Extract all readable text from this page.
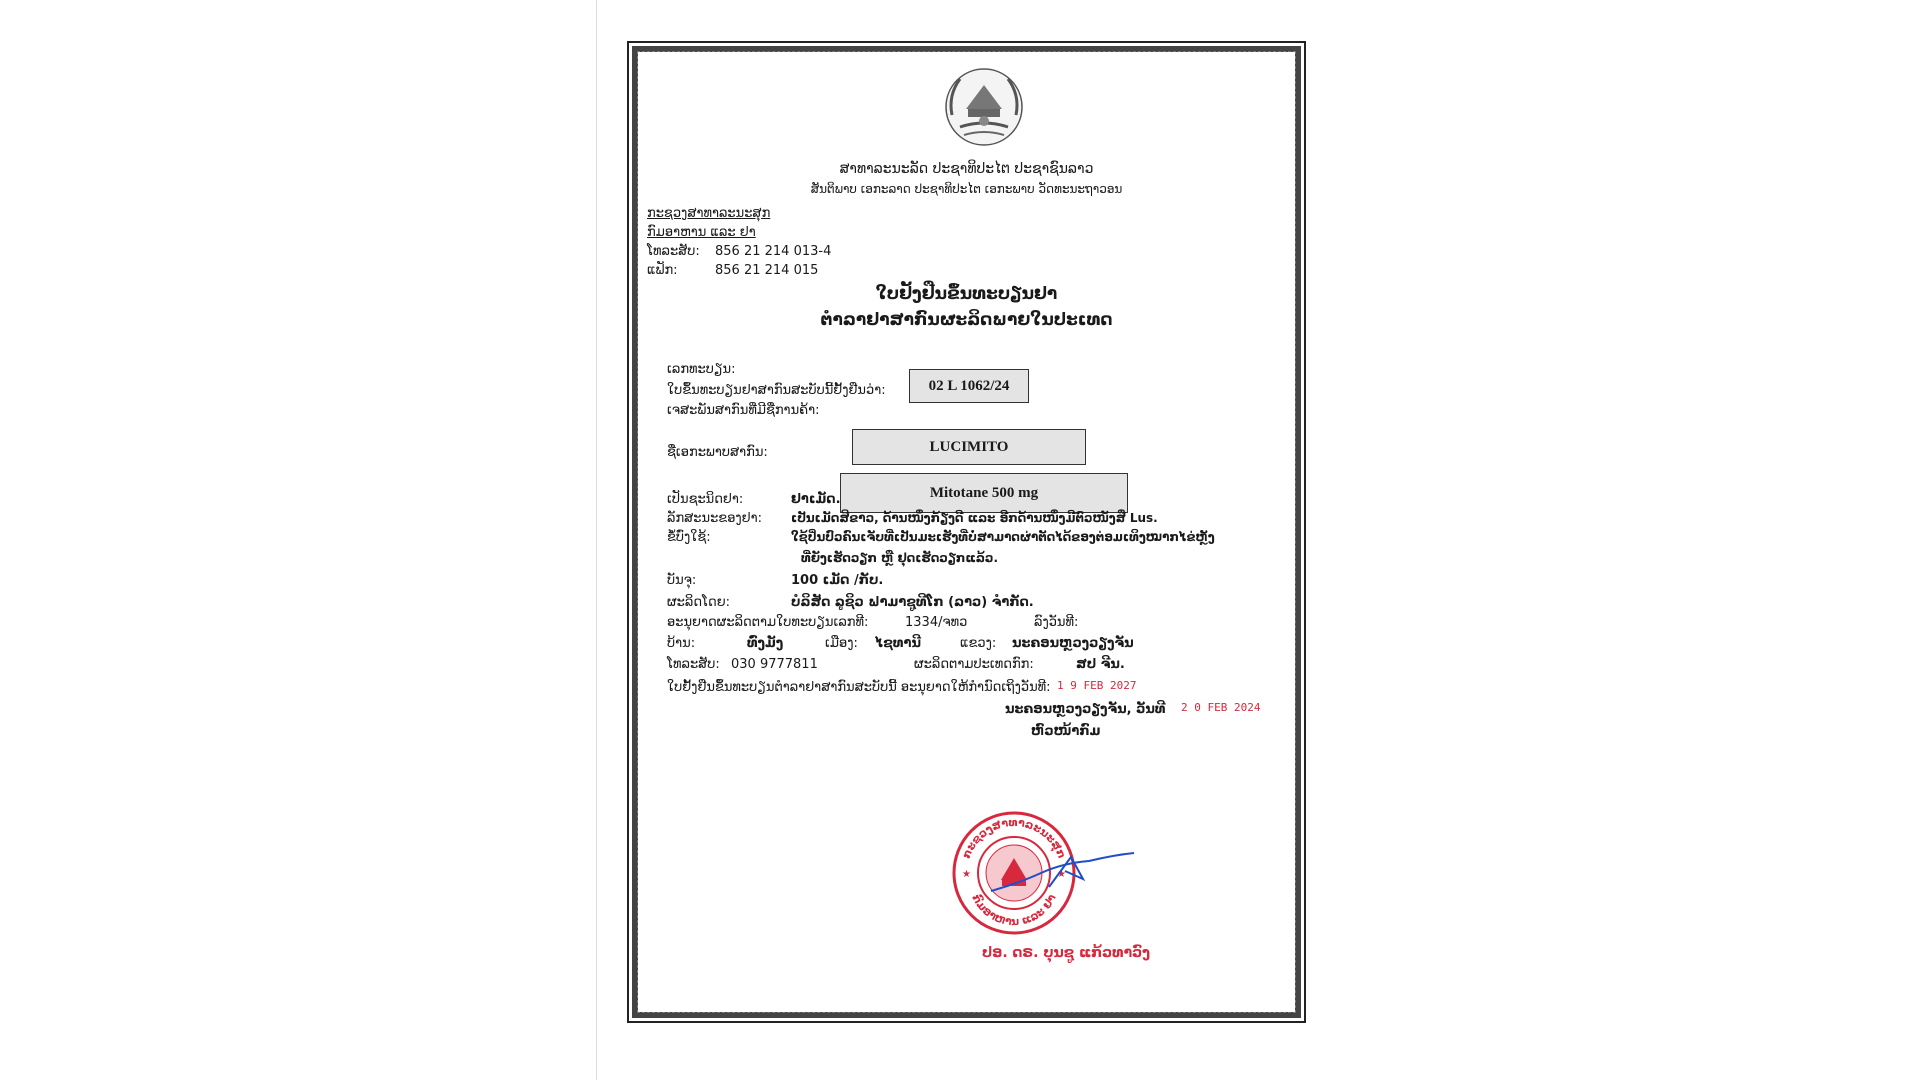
ສາທາລະນະລັດ ປະຊາທິປະໄຕ ປະຊາຊົນລາວ
ສັນຕິພາບ ເອກະລາດ ປະຊາທິປະໄຕ ເອກະພາບ ວັດທະນະຖາວອນ
ກະຊວງສາທາລະນະສຸກ
ກົມອາຫານ ແລະ ຢາ
ໂທລະສັບ: 856 21 214 013-4
ແຟັກ:	856 21 214 015
ໃບຢັ້ງຢືນຂຶ້ນທະບຽນຢາ
ຕຳລາຢາສາກົນຜະລິດພາຍໃນປະເທດ
ເລກທະບຽນ:
02 L 1062/24
ໃບຂຶ້ນທະບຽນຢາສາກົນສະບັບນີ້ຢັ້ງຢືນວ່າ:
ເຈສະພັນສາກົນທີ່ມີຊື່ການຄ້າ:
LUCIMITO
ຊື່ເອກະພາບສາກົນ:
Mitotane 500 mg
ເປັນຊະນິດຢາ:	ຢາເມັດ.
ລັກສະນະຂອງຢາ: ເປັນເມັດສີຂາວ, ດ້ານໜຶ່ງກ້ຽງດີ ແລະ ອີກດ້ານໜຶ່ງມີຕົວໜັງສື Lus.
ຂໍ້ບົ່ງໃຊ້:	ໃຊ້ປິ່ນປົວຄົນເຈັບທີ່ເປັນມະເຮັງທີ່ບໍ່ສາມາດຜ່າຕັດໄດ້ຂອງຕ່ອມເທິງໝາກໄຂ່ຫຼັງ
ທີ່ຍັງເຮັດວຽກ ຫຼື ຢຸດເຮັດວຽກແລ້ວ.
ບັນຈຸ:	100 ເມັດ /ກັບ.
ຜະລິດໂດຍ:	ບໍລິສັດ ລູຊິວ ຟາມາຊູທີໂກ (ລາວ) ຈຳກັດ.
ອະນຸຍາດຜະລິດຕາມໃບທະບຽນເລກທີ:	1334/ຈທວ	ລົງວັນທີ:
ບ້ານ:	ທົ່ງມັງ	ເມືອງ: ໄຊທານີ	ແຂວງ: ນະຄອນຫຼວງວຽງຈັນ
ໂທລະສັບ: 030 9777811	ຜະລິດຕາມປະເທດກົກ:	ສປ ຈີນ.
ໃບຢັ້ງຢືນຂຶ້ນທະບຽນຕຳລາຢາສາກົນສະບັບນີ້ ອະນຸຍາດໃຫ້ກຳນົດເຖິງວັນທີ: 1 9 FEB 2027
ນະຄອນຫຼວງວຽງຈັນ, ວັນທີ 2 0 FEB 2024
ຫົວໜ້າກົມ
ກະຊວງສາທາລະນະສຸກ
ກົມອາຫານ ແລະ ຢາ
★	★
ປອ. ດຣ. ບຸນຊູ ແກ້ວທາວົງ
